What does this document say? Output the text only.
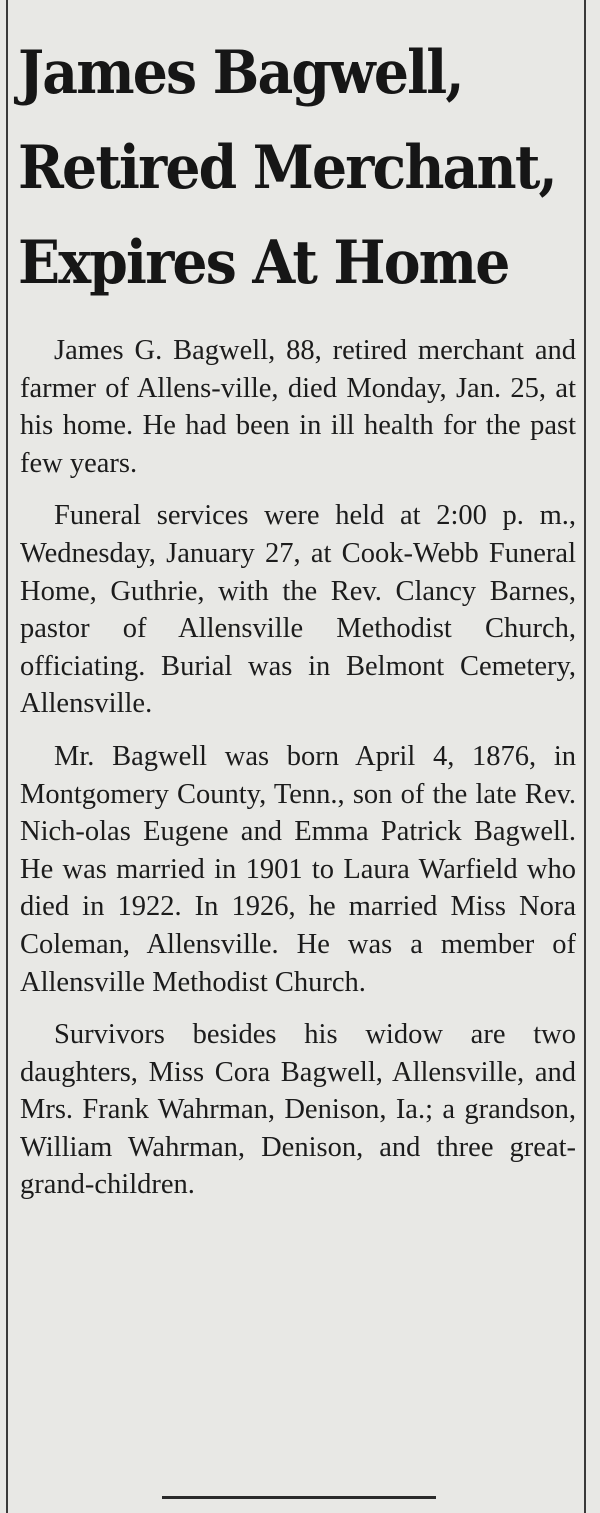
James Bagwell,
Retired Merchant,
Expires At Home

James G. Bagwell, 88, retired merchant and farmer of Allens-ville, died Monday, Jan. 25, at his home. He had been in ill health for the past few years.

Funeral services were held at 2:00 p. m., Wednesday, January 27, at Cook-Webb Funeral Home, Guthrie, with the Rev. Clancy Barnes, pastor of Allensville Methodist Church, officiating. Burial was in Belmont Cemetery, Allensville.

Mr. Bagwell was born April 4, 1876, in Montgomery County, Tenn., son of the late Rev. Nich-olas Eugene and Emma Patrick Bagwell. He was married in 1901 to Laura Warfield who died in 1922. In 1926, he married Miss Nora Coleman, Allensville. He was a member of Allensville Methodist Church.

Survivors besides his widow are two daughters, Miss Cora Bagwell, Allensville, and Mrs. Frank Wahrman, Denison, Ia.; a grandson, William Wahrman, Denison, and three great-grand-children.
